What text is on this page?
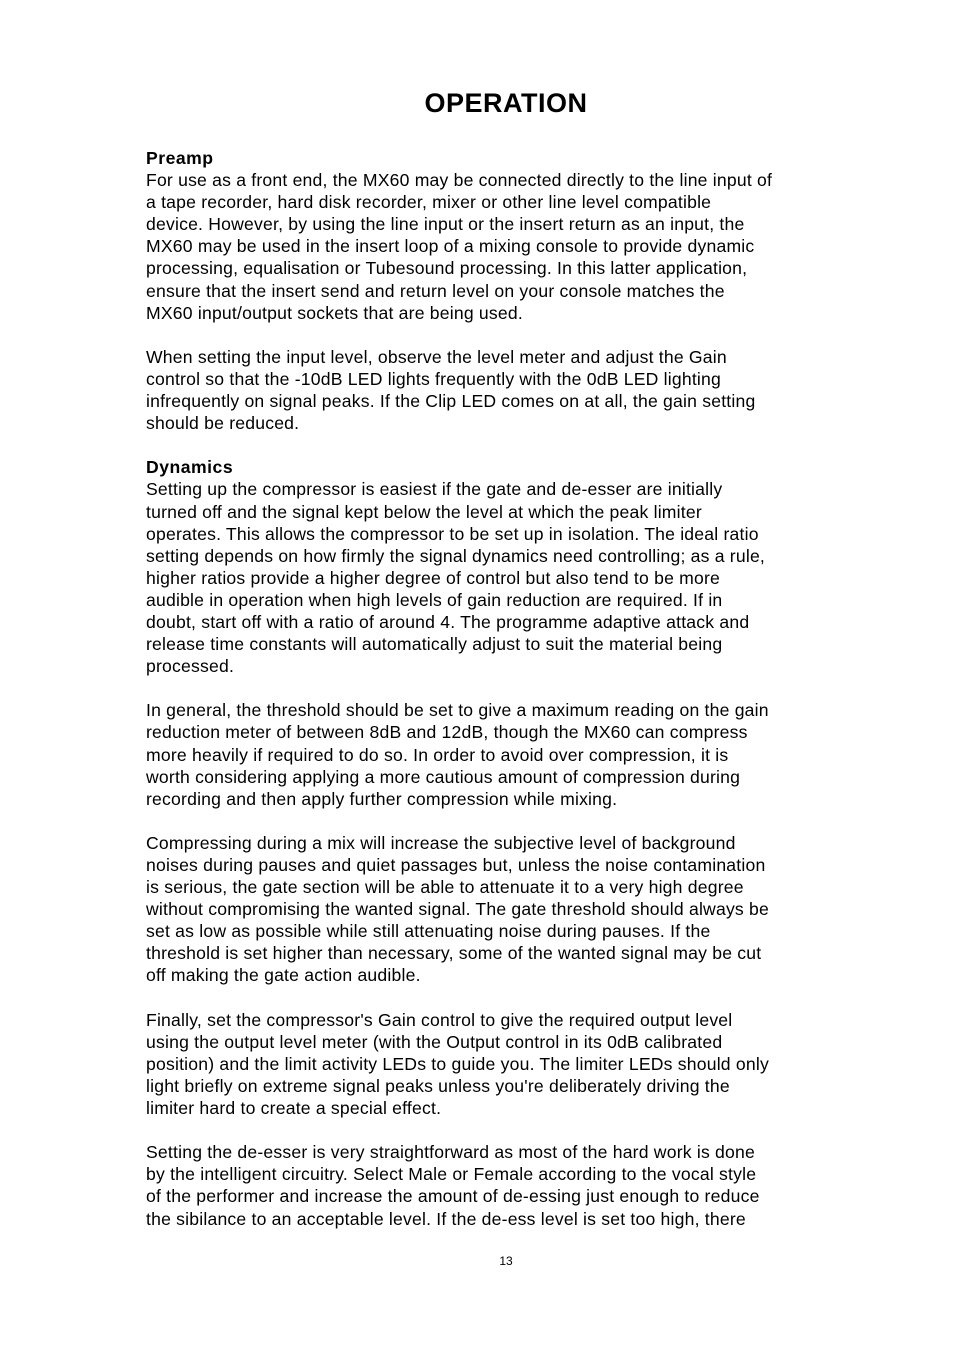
OPERATION

Preamp

For use as a front end, the MX60 may be connected directly to the line input of
a tape recorder, hard disk recorder, mixer or other line level compatible
device. However, by using the line input or the insert return as an input, the
MX60 may be used in the insert loop of a mixing console to provide dynamic
processing, equalisation or Tubesound processing. In this latter application,
ensure that the insert send and return level on your console matches the
MX60 input/output sockets that are being used.

When setting the input level, observe the level meter and adjust the Gain
control so that the -10dB LED lights frequently with the 0dB LED lighting
infrequently on signal peaks. If the Clip LED comes on at all, the gain setting
should be reduced.

Dynamics

Setting up the compressor is easiest if the gate and de-esser are initially
turned off and the signal kept below the level at which the peak limiter
operates. This allows the compressor to be set up in isolation. The ideal ratio
setting depends on how firmly the signal dynamics need controlling; as a rule,
higher ratios provide a higher degree of control but also tend to be more
audible in operation when high levels of gain reduction are required. If in
doubt, start off with a ratio of around 4. The programme adaptive attack and
release time constants will automatically adjust to suit the material being
processed.

In general, the threshold should be set to give a maximum reading on the gain
reduction meter of between 8dB and 12dB, though the MX60 can compress
more heavily if required to do so. In order to avoid over compression, it is
worth considering applying a more cautious amount of compression during
recording and then apply further compression while mixing.

Compressing during a mix will increase the subjective level of background
noises during pauses and quiet passages but, unless the noise contamination
is serious, the gate section will be able to attenuate it to a very high degree
without compromising the wanted signal. The gate threshold should always be
set as low as possible while still attenuating noise during pauses. If the
threshold is set higher than necessary, some of the wanted signal may be cut
off making the gate action audible.

Finally, set the compressor's Gain control to give the required output level
using the output level meter (with the Output control in its 0dB calibrated
position) and the limit activity LEDs to guide you. The limiter LEDs should only
light briefly on extreme signal peaks unless you're deliberately driving the
limiter hard to create a special effect.

Setting the de-esser is very straightforward as most of the hard work is done
by the intelligent circuitry. Select Male or Female according to the vocal style
of the performer and increase the amount of de-essing just enough to reduce
the sibilance to an acceptable level. If the de-ess level is set too high, there

13
